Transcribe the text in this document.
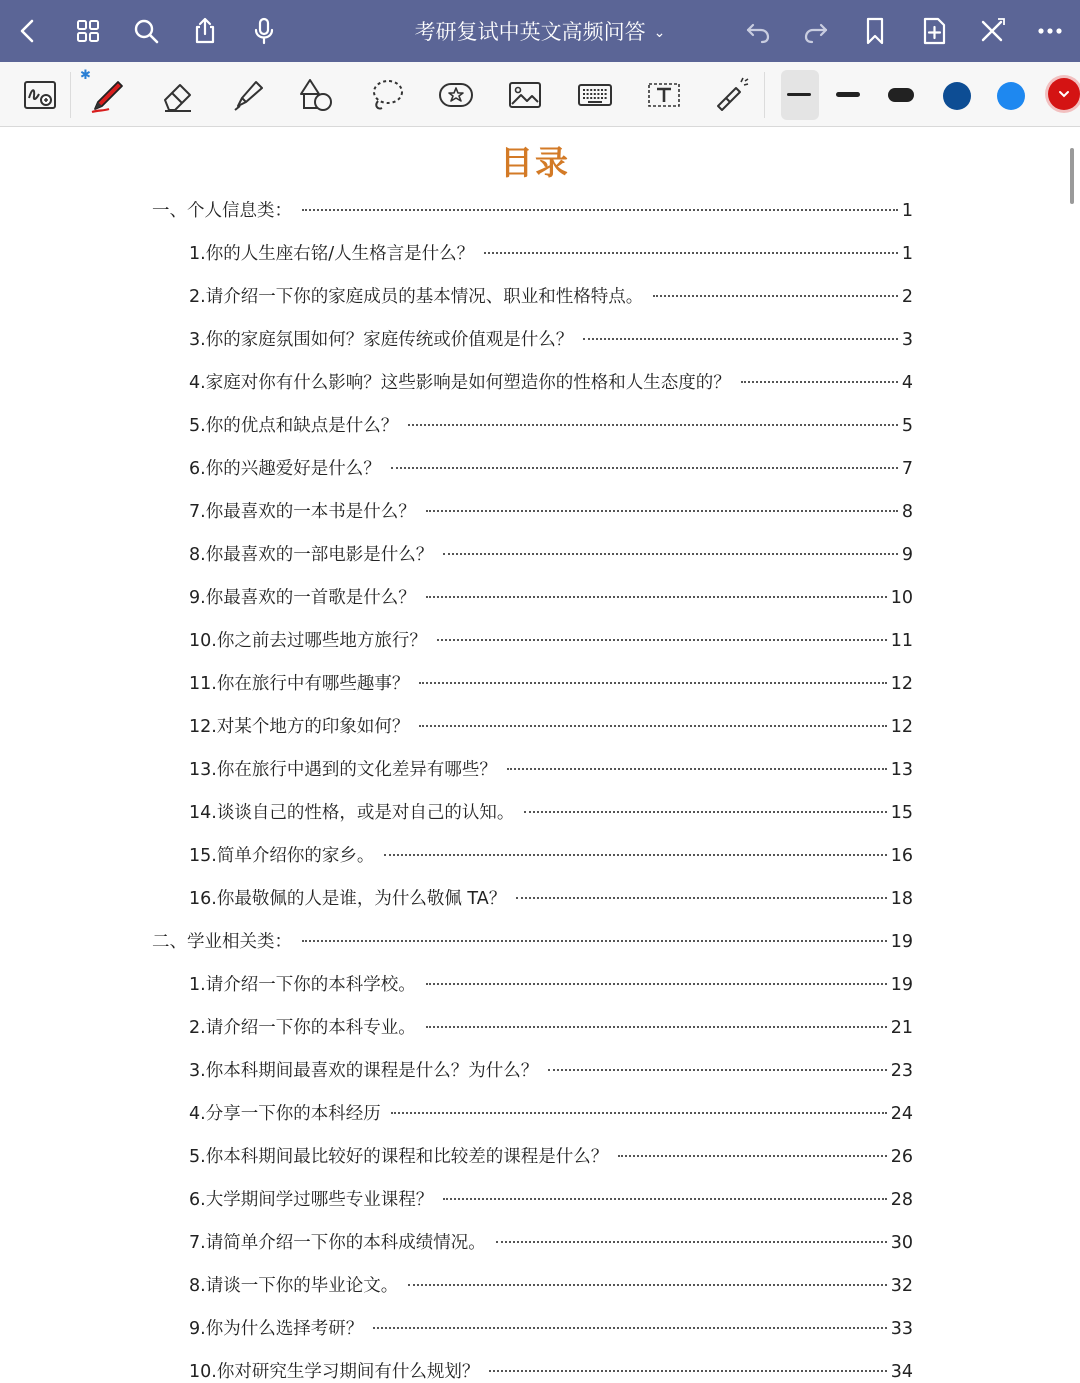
考研复试中英文高频问答 ⌄
✱
目录
一、个人信息类：	1
1.你的人生座右铭/人生格言是什么？	1
2.请介绍一下你的家庭成员的基本情况、职业和性格特点。	2
3.你的家庭氛围如何？家庭传统或价值观是什么？	3
4.家庭对你有什么影响？这些影响是如何塑造你的性格和人生态度的？	4
5.你的优点和缺点是什么？	5
6.你的兴趣爱好是什么？	7
7.你最喜欢的一本书是什么？	8
8.你最喜欢的一部电影是什么？	9
9.你最喜欢的一首歌是什么？	10
10.你之前去过哪些地方旅行？	11
11.你在旅行中有哪些趣事？	12
12.对某个地方的印象如何？	12
13.你在旅行中遇到的文化差异有哪些？	13
14.谈谈自己的性格，或是对自己的认知。	15
15.简单介绍你的家乡。	16
16.你最敬佩的人是谁，为什么敬佩 TA？	18
二、学业相关类：	19
1.请介绍一下你的本科学校。	19
2.请介绍一下你的本科专业。	21
3.你本科期间最喜欢的课程是什么？为什么？	23
4.分享一下你的本科经历	24
5.你本科期间最比较好的课程和比较差的课程是什么？	26
6.大学期间学过哪些专业课程？	28
7.请简单介绍一下你的本科成绩情况。	30
8.请谈一下你的毕业论文。	32
9.你为什么选择考研？	33
10.你对研究生学习期间有什么规划？	34
